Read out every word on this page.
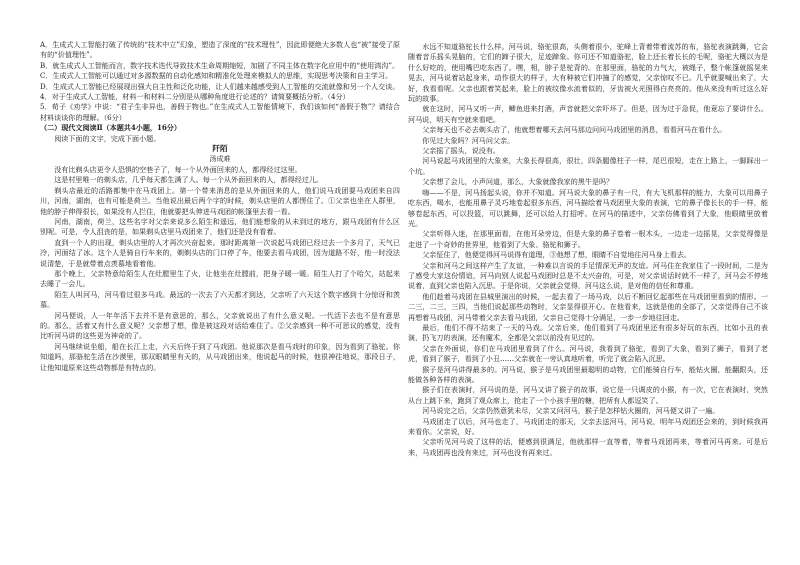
A．生成式人工智能打破了传统的“技术中立”幻象，塑造了深度的“技术理性”，因此即便绝大多数人也“被”接受了原有的“价值理性”。

B．就生成式人工智能而言，数字技术迭代导致技术生命周期缩短，加剧了不同主体在数字化应用中的“使用鸿沟”。

C．生成式人工智能可以通过对多源数据的自动化感知和精准化处理来模拟人的思维，实现思考决策和自主学习。

D．生成式人工智能已经展现出强大自主性和泛化功能，让人们越来越感受到人工智能的交流就像和另一个人交谈。

4．对于生成式人工智能，材料一和材料二分别是从哪种角度进行论述的？请简要概括分析。（4分）

5．荀子《劝学》中说：“君子生非异也，善假于物也。”在生成式人工智能情境下，我们该如何“善假于物”？请结合材料谈谈你的理解。（6分）

（二）现代文阅读Ⅱ（本题共4小题，16分）

阅读下面的文字，完成下面小题。

阡陌

汤成难

没有比剃头店更令人恐惧的空巷子了，每一个从外面回来的人，都得经过这里。

这是村里唯一的剃头店，几乎每天都生满了人。每一个从外面回来的人，都得经过儿。

剃头店最近的活路都集中在马戏团上。第一个带来消息的是从外面回来的人，他们说马戏团要马戏团来自四川，河南，湖南，也有可能是荷兰。当他说出最后两个字的时候，剃头店里的人都愣住了。①父亲也坐在人群里，他的脖子伸得很长，如果没有人拦住，他就要把头伸进马戏团的帐篷里去看一看。

河南，湖南，荷兰，这些名字对父亲来说多么陌生和遥远，他们能想象的从未到过的地方，跟马戏团有什么区别呢。可是，令人沮丧的是，如果剃头店里马戏团来了，他们还是没有看着。

直到一个人的出现，剃头店里的人才再次兴奋起来。那时距离第一次说起马戏团已经过去一个多月了，天气已冷，河面结了冰。这个人是骑自行车来的，剃剃头店的门口停了车，他要去看马戏团，因为道路不好，他一时没法说清楚，于是就带着点羡慕地看着他。

那个晚上，父亲特意给陌生人在灶膛里生了火，让他坐在灶膛前，把身子暖一暖。陌生人打了个哈欠，站起来去睡了一会儿。

陌生人叫河马，河马看过很多马戏。最远的一次去了六天都才到达，父亲听了六天这个数字感到十分惊讶和羡慕。

河马便说，人一年年活下去并不是有意思的，那么，父亲就说出了有什么意义呢。一代活下去也不是有意思的。那么，活着又有什么意义呢？父亲想了想，像是被这段对话给难住了。②父亲感到一种不可思议的感觉，没有比听河马讲的这些更为神奇的了。

河马继续说坐船，船在长江上走，六天后终于到了马戏团。他说那次是看马戏时的印象，因为看到了骆驼。你知道吗，那骆驼生活在沙漠里，那双眼睛里有天的，从马戏团出来，他说起马的时候，他很神往地说，那段日子，让他知道原来这些动物都是有特点的。

水远不知道骆驼长什么样。河马说，骆驼很高，头侧着很小，驼峰上背着带着流苏的布，骆驼表演跳舞，它会随着音乐摇头晃脑的，它们的蹄子很大，足迹蹄象。你可还不知道骆驼，脸上还长着长长的毛呢，骆驼大概以为是什么好吃的，使用嘴巴吃东西了。嘿，相，脖子是驼背的。在那里面，骆驼的力气大，被绳子，整个帐篷就摇晃来晃去，河马说着站起身来，动作很大的样子，大有种被它们冲撞了的感觉，父亲惊叹不已。几乎就要喊出来了，大好，我看看呢。父亲也跟着笑起来，脸上的被纹像水流着似的，牙齿被火光照得白亮亮的。他从来没有听过这么好玩的故事。

就在这时，河马又听一声，鲫鱼进来打酒，声音就把父亲吓坏了。但是，因为过于急促，他竟忘了要讲什么。河马说，明天有空就来看吧。

父亲每天也不必去剃头店了，他就想着哪天去河马那边问问马戏团里的消息，看看河马在看什么。

你见过大象吗？河马问父亲。

父亲摇了摇头，说没有。

河马说起马戏团里的大象来，大象长得很高，很壮，四条腿像柱子一样，尾巴很短，走在上路上，一脚踩出一个坑。

父亲想了会儿，小声问道，那么，大象就像我家的黑牛是吗？

嗨——不是，河马扬起头说，你并不知道。河马说大象的鼻子有一尺，有大飞机那样的能力，大象可以用鼻子吃东西，喝水，也能用鼻子灵巧地卷起很多东西，河马描绘着马戏团里大象的表演，它的鼻子像长长的手一样，能够卷起东西，可以投篮，可以跳舞，还可以给人打招呼。在河马的描述中，父亲仿佛看到了大象，他眼睛里放着光。

父亲听得入迷，在那里面看，在他耳朵旁边，但是大象的鼻子卷着一根木头，一边走一边摇晃，父亲觉得像是走进了一个奇妙的世界里，他看到了大象、骆驼和狮子。

父亲怔住了，他便觉得河马说得有道理，③他想了想，眼睛不自觉地往河马身上看去。

父亲和河马之间这样产生了友谊，一种难以言说的手足情深无声的友谊。河马住在我家住了一段时间，二是为了感受大家这份情谊，河马向别人说起马戏团时总是不太兴奋的，可是，对父亲说话时就不一样了，河马会不停地说着，直到父亲也陷入沉思。于是你说，父亲就会觉得，河马这么说，是对他的信任和尊重。

他们趁着马戏团在县城里演出的时候，一起去看了一场马戏，以后不断回忆起那些在马戏团里看到的情形。一二三，二三，三四，当他们说起那些动物时，父亲显得很开心。在他看来，这就是他的全部了，父亲觉得自己不该再想着马戏团，河马带着父亲去看马戏团，父亲自己觉得十分满足，一步一步地往回走。

最后，他们不得不结束了一天的马戏。父亲后来，他们看到了马戏团里还有很多好玩的东西，比如小丑的表演，扔飞刀的表演，还有魔术，全都是父亲以前没有见过的。

父亲在外面说，你们在马戏团里看到了什么。河马说，我看到了骆驼，看到了大象，看到了狮子，看到了老虎，看到了猴子，看到了小丑……父亲就在一旁认真地听着，听完了就会陷入沉思。

猴子是河马讲得最多的。河马说，猴子是马戏团里最聪明的动物，它们能骑自行车，能钻火圈，能翻跟头，还能做各种各样的表演。

猴子们在表演时，河马说的是，河马又讲了猴子的故事，说它是一只调皮的小猴，有一次，它在表演时，突然从台上跳下来，跑到了观众席上，抢走了一个小孩手里的糖，把所有人都逗笑了。

河马说完之后，父亲仍然意犹未尽，父亲又问河马，猴子是怎样钻火圈的，河马便又讲了一遍。

马戏团走了以后，河马也走了，马戏团走的那天，父亲去送河马，河马说，明年马戏团还会来的，到时候我再来看你。父亲说，好。

父亲听见河马说了这样的话，便感到很满足，他就那样一直等着，等着马戏团再来，等着河马再来。可是后来，马戏团再也没有来过，河马也没有再来过。
